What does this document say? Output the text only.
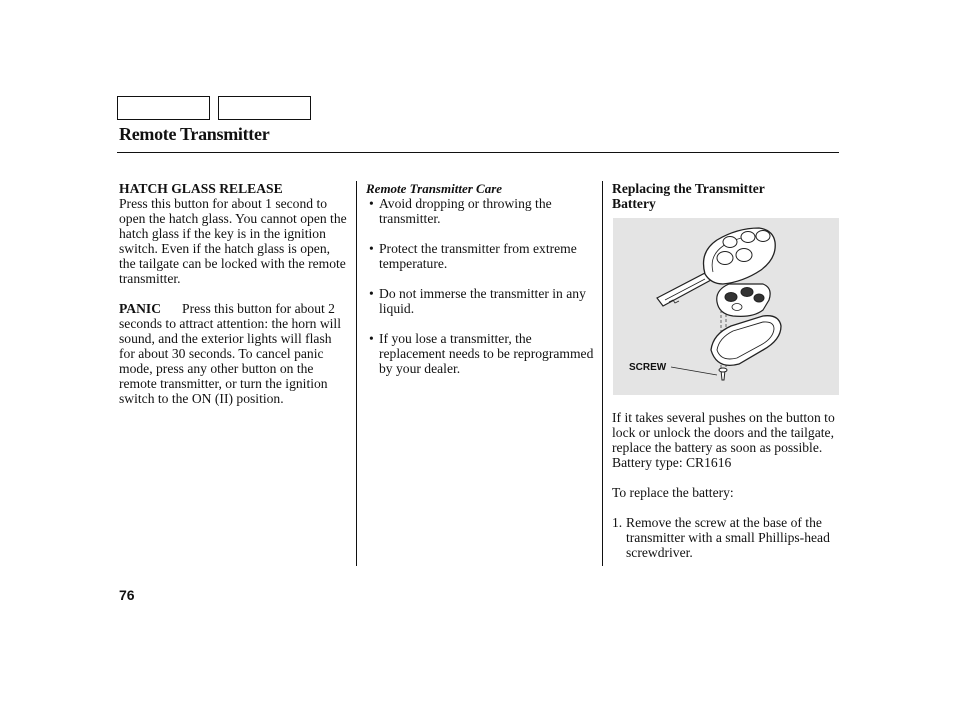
Remote Transmitter

HATCH GLASS RELEASE

Press this button for about 1 second to open the hatch glass. You cannot open the hatch glass if the key is in the ignition switch. Even if the hatch glass is open, the tailgate can be locked with the remote transmitter.

PANIC Press this button for about 2 seconds to attract attention: the horn will sound, and the exterior lights will flash for about 30 seconds. To cancel panic mode, press any other button on the remote transmitter, or turn the ignition switch to the ON (II) position.

Remote Transmitter Care

• Avoid dropping or throwing the transmitter.

• Protect the transmitter from extreme temperature.

• Do not immerse the transmitter in any liquid.

• If you lose a transmitter, the replacement needs to be reprogrammed by your dealer.

Replacing the Transmitter Battery

If it takes several pushes on the button to lock or unlock the doors and the tailgate, replace the battery as soon as possible.

Battery type: CR1616

To replace the battery:

1. Remove the screw at the base of the transmitter with a small Phillips-head screwdriver.

SCREW
76
